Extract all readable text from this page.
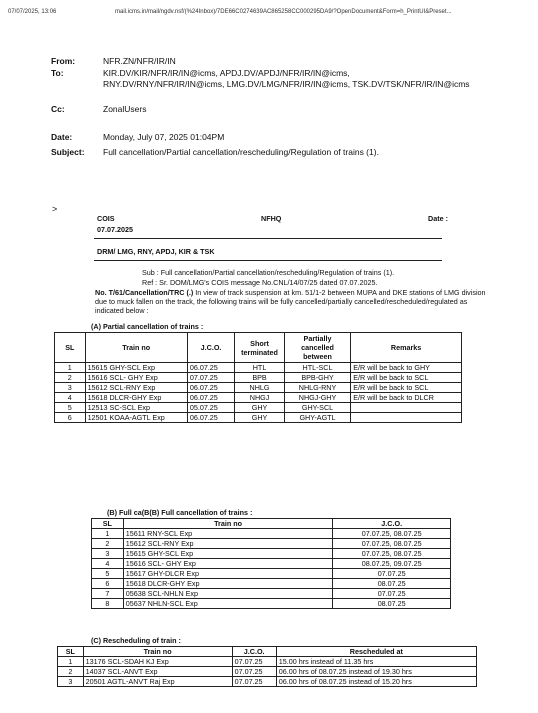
07/07/2025, 13:06	mail.icms.in/mail/ngdv.nsf/(%24Inbox)/7DE66C0274639AC865258CC000295DA9/?OpenDocument&Form=h_PrintUI&Preset...
From:	NFR.ZN/NFR/IR/IN
To:	KIR.DV/KIR/NFR/IR/IN@icms, APDJ.DV/APDJ/NFR/IR/IN@icms, RNY.DV/RNY/NFR/IR/IN@icms, LMG.DV/LMG/NFR/IR/IN@icms, TSK.DV/TSK/NFR/IR/IN@icms
Cc:	ZonalUsers
Date:	Monday, July 07, 2025 01:04PM
Subject: Full cancellation/Partial cancellation/rescheduling/Regulation of trains (1).
>
COIS
07.07.2025
NFHQ	Date :
DRM/ LMG, RNY, APDJ, KIR & TSK
Sub : Full cancellation/Partial cancellation/rescheduling/Regulation of trains (1).
Ref : Sr. DOM/LMG's COIS message No.CNL/14/07/25 dated 07.07.2025.
No. T/61/Cancellation/TRC (.) In view of track suspension at km. 51/1-2 between MUPA and DKE stations of LMG division due to muck fallen on the track, the following trains will be fully cancelled/partially cancelled/rescheduled/regulated as indicated below :
(A) Partial cancellation of trains :
SL	Train no	J.C.O.	Short terminated	Partially cancelled between	Remarks
1	15615 GHY-SCL Exp	06.07.25	HTL	HTL-SCL	E/R will be back to GHY
2	15616 SCL- GHY Exp	07.07.25	BPB	BPB-GHY	E/R will be back to SCL
3	15612 SCL-RNY Exp	06.07.25	NHLG	NHLG-RNY	E/R will be back to SCL
4	15618 DLCR-GHY Exp	06.07.25	NHGJ	NHGJ-GHY	E/R will be back to DLCR
5	12513 SC-SCL Exp	05.07.25	GHY	GHY-SCL	
6	12501 KOAA-AGTL Exp	06.07.25	GHY	GHY-AGTL	
(B) Full ca(B(B) Full cancellation of trains :
SL	Train no	J.C.O.
1	15611 RNY-SCL Exp	07.07.25, 08.07.25
2	15612 SCL-RNY Exp	07.07.25, 08.07.25
3	15615 GHY-SCL Exp	07.07.25, 08.07.25
4	15616 SCL- GHY Exp	08.07.25, 09.07.25
5	15617 GHY-DLCR Exp	07.07.25
6	15618 DLCR-GHY Exp	08.07.25
7	05638 SCL-NHLN Exp	07.07.25
8	05637 NHLN-SCL Exp	08.07.25
(C) Rescheduling of train :
SL	Train no	J.C.O.	Rescheduled at
1	13176 SCL-SDAH KJ Exp	07.07.25	15.00 hrs instead of 11.35 hrs
2	14037 SCL-ANVT Exp	07.07.25	06.00 hrs of 08.07.25 instead of 19.30 hrs
3	20501 AGTL-ANVT Raj Exp	07.07.25	06.00 hrs of 08.07.25 instead of 15.20 hrs
